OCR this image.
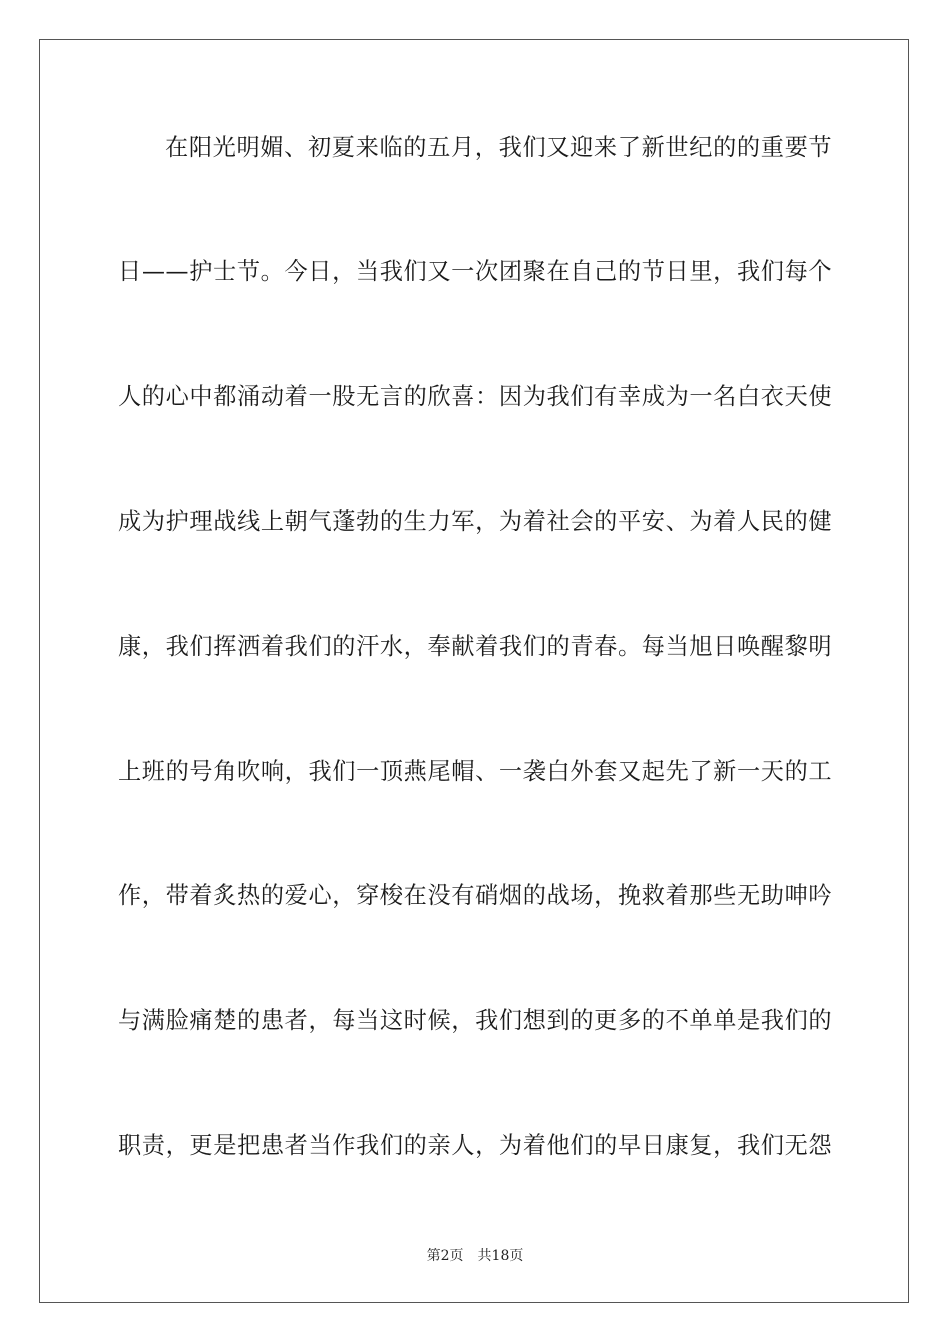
在阳光明媚、初夏来临的五月，我们又迎来了新世纪的的重要节
日——护士节。今日，当我们又一次团聚在自己的节日里，我们每个
人的心中都涌动着一股无言的欣喜：因为我们有幸成为一名白衣天使
成为护理战线上朝气蓬勃的生力军，为着社会的平安、为着人民的健
康，我们挥洒着我们的汗水，奉献着我们的青春。每当旭日唤醒黎明
上班的号角吹响，我们一顶燕尾帽、一袭白外套又起先了新一天的工
作，带着炙热的爱心，穿梭在没有硝烟的战场，挽救着那些无助呻吟
与满脸痛楚的患者，每当这时候，我们想到的更多的不单单是我们的
职责，更是把患者当作我们的亲人，为着他们的早日康复，我们无怨
第2页　共18页
